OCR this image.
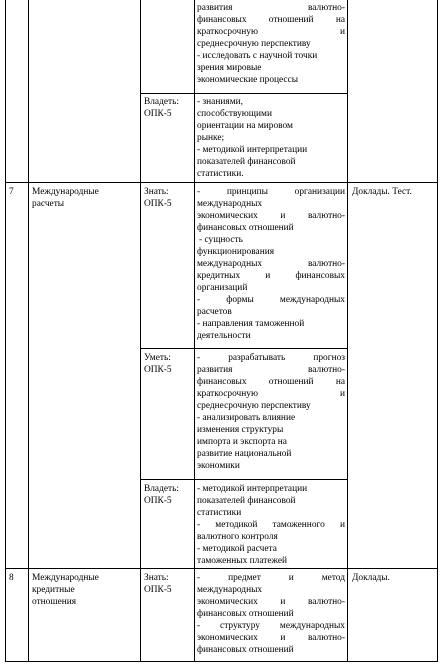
развития валютно-
финансовых отношений на
краткосрочную и
среднесрочную перспективу
- исследовать с научной точки
зрения мировые
экономические процессы
Владеть:
ОПК-5
- знаниями,
способствующими
ориентации на мировом
рынке;
- методикой интерпретации
показателей финансовой
статистики.
7	Международные
расчеты
Доклады. Тест.
Знать:
ОПК-5
- принципы организации
международных
экономических и валютно-
финансовых отношений
- сущность
функционирования
международных валютно-
кредитных и финансовых
организаций
- формы международных
расчетов
- направления таможенной
деятельности
Уметь:
ОПК-5
- разрабатывать прогноз
развития валютно-
финансовых отношений на
краткосрочную и
среднесрочную перспективу
- анализировать влияние
изменения структуры
импорта и экспорта на
развитие национальной
экономики
Владеть:
ОПК-5
- методикой интерпретации
показателей финансовой
статистики
- методикой таможенного и
валютного контроля
- методикой расчета
таможенных платежей
8	Международные
кредитные
отношения
Доклады.
Знать:
ОПК-5
- предмет и метод
международных
экономических и валютно-
финансовых отношений
- структуру международных
экономических и валютно-
финансовых отношений
